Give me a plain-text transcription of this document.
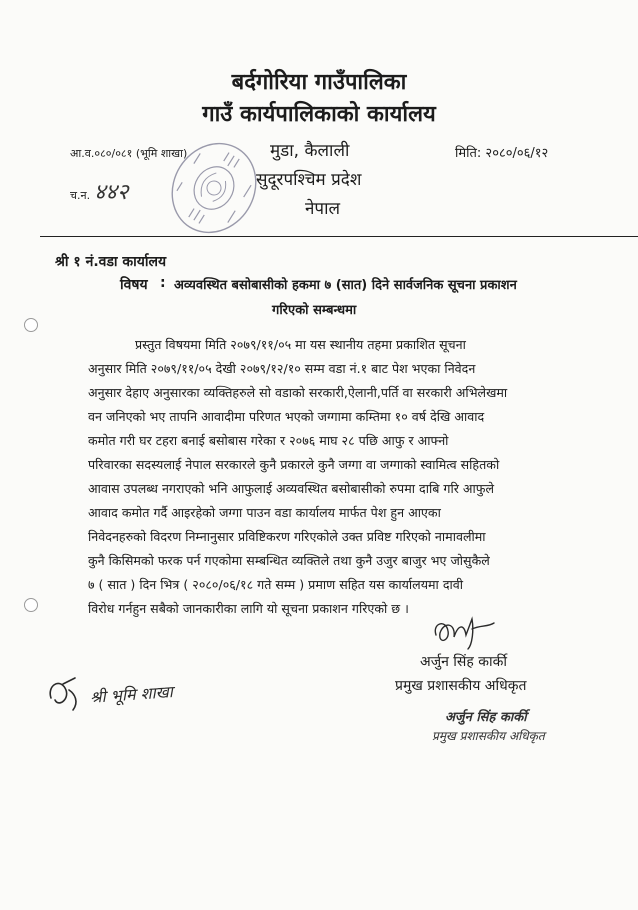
बर्दगोरिया गाउँपालिका
गाउँ कार्यपालिकाको कार्यालय
आ.व.०८०/०८१ (भूमि शाखा)	मुडा, कैलाली	मिति: २०८०/०६/१२
च.न. ४४२	सुदूरपश्चिम प्रदेश
नेपाल
श्री १ नं.वडा कार्यालय
विषय : अव्यवस्थित बसोबासीको हकमा ७ (सात) दिने सार्वजनिक सूचना प्रकाशन
गरिएको सम्बन्धमा
प्रस्तुत विषयमा मिति २०७९/११/०५ मा यस स्थानीय तहमा प्रकाशित सूचना
अनुसार मिति २०७९/११/०५ देखी २०७९/१२/१० सम्म वडा नं.१ बाट पेश भएका निवेदन
अनुसार देहाए अनुसारका व्यक्तिहरुले सो वडाको सरकारी,ऐलानी,पर्ति वा सरकारी अभिलेखमा
वन जनिएको भए तापनि आवादीमा परिणत भएको जग्गामा कम्तिमा १० वर्ष देखि आवाद
कमोत गरी घर टहरा बनाई बसोबास गरेका र २०७६ माघ २८ पछि आफु र आफ्नो
परिवारका सदस्यलाई नेपाल सरकारले कुनै प्रकारले कुनै जग्गा वा जग्गाको स्वामित्व सहितको
आवास उपलब्ध नगराएको भनि आफुलाई अव्यवस्थित बसोबासीको रुपमा दाबि गरि आफुले
आवाद कमोत गर्दै आइरहेको जग्गा पाउन वडा कार्यालय मार्फत पेश हुन आएका
निवेदनहरुको विदरण निम्नानुसार प्रविष्टिकरण गरिएकोले उक्त प्रविष्ट गरिएको नामावलीमा
कुनै किसिमको फरक पर्न गएकोमा सम्बन्धित व्यक्तिले तथा कुनै उजुर बाजुर भए जोसुकैले
७ ( सात ) दिन भित्र ( २०८०/०६/१८ गते सम्म ) प्रमाण सहित यस कार्यालयमा दावी
विरोध गर्नहुन सबैको जानकारीका लागि यो सूचना प्रकाशन गरिएको छ ।
अर्जुन सिंह कार्की
प्रमुख प्रशासकीय अधिकृत
अर्जुन सिंह कार्की
प्रमुख प्रशासकीय अधिकृत
श्री भूमि शाखा
